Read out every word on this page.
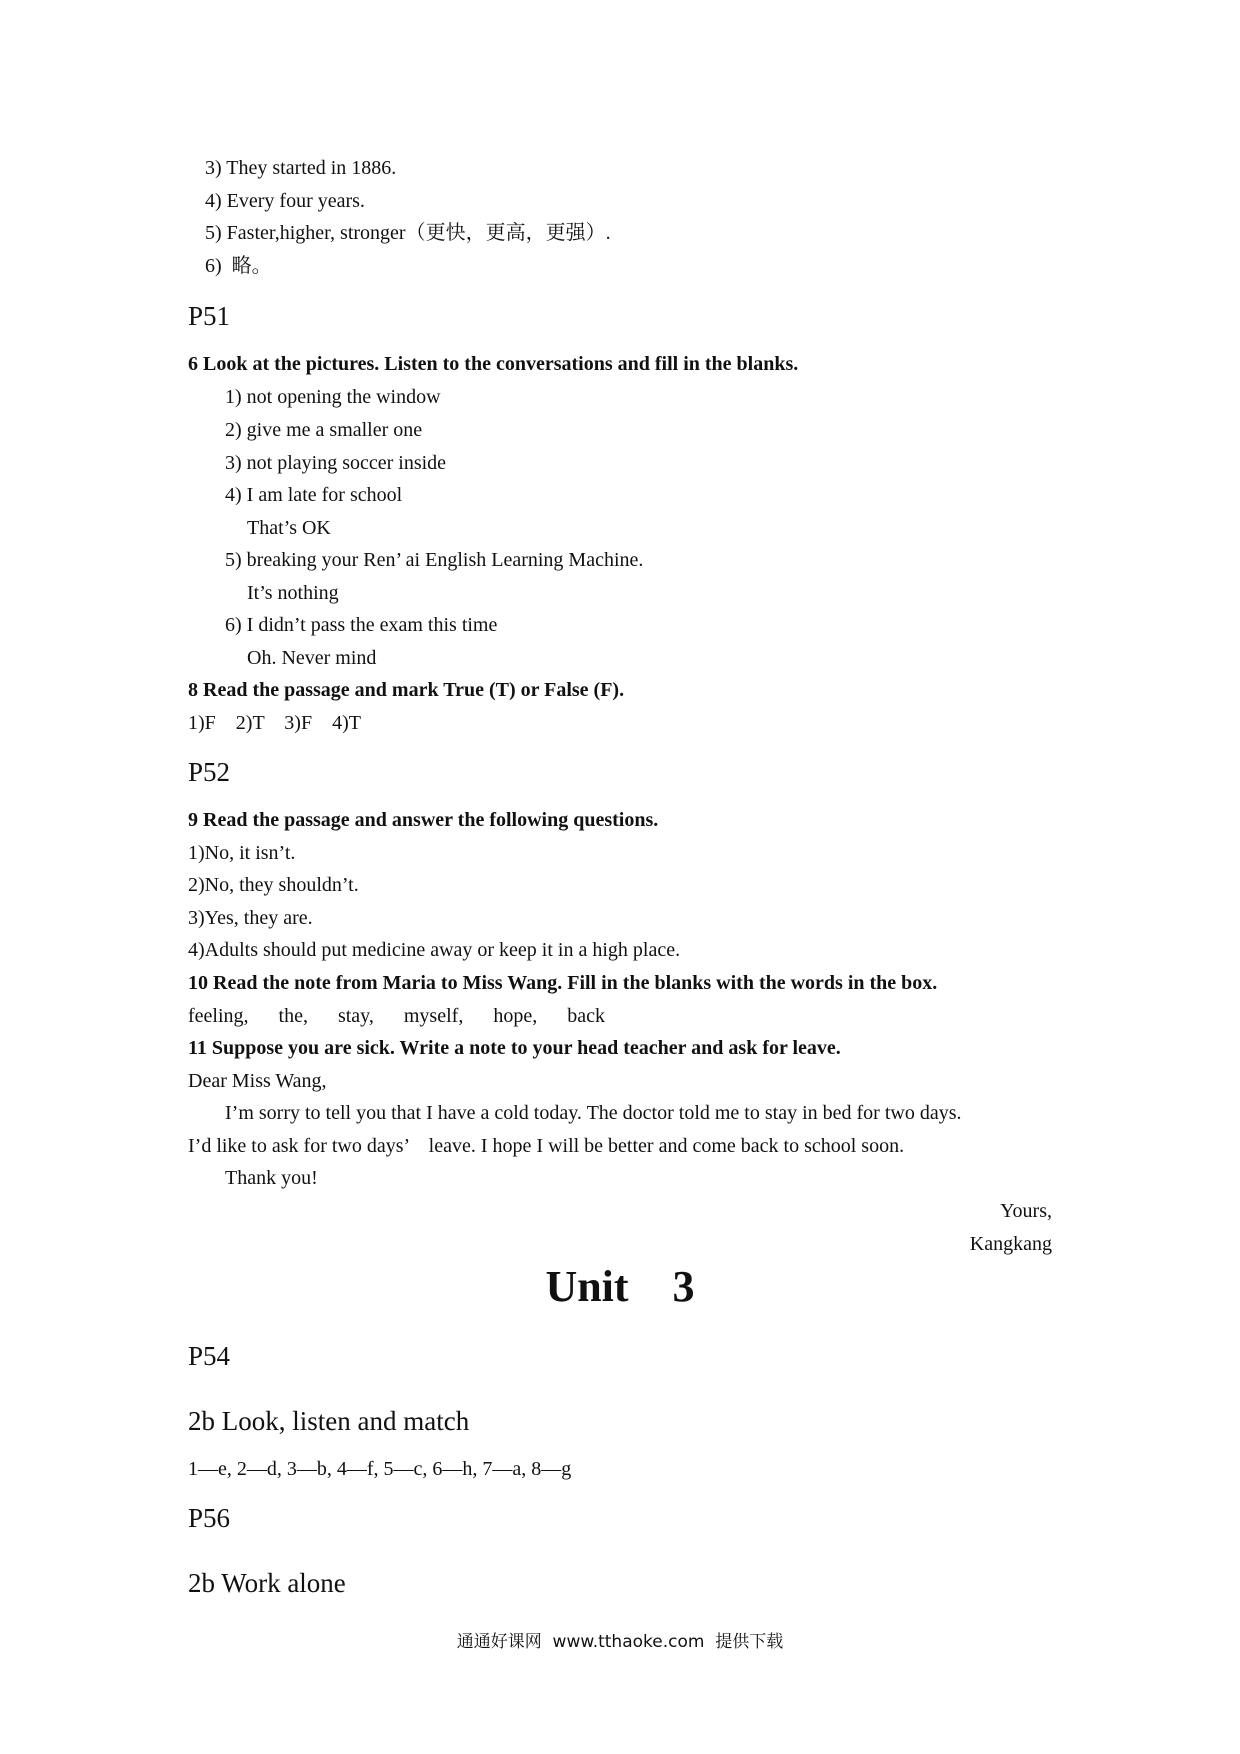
3) They started in 1886.
4) Every four years.
5) Faster,higher, stronger（更快，更高，更强）.
6)  略。
P51
6 Look at the pictures. Listen to the conversations and fill in the blanks.
1) not opening the window
2) give me a smaller one
3) not playing soccer inside
4) I am late for school
That’s OK
5) breaking your Ren’ ai English Learning Machine.
It’s nothing
6) I didn’t pass the exam this time
Oh. Never mind
8 Read the passage and mark True (T) or False (F).
1)F    2)T    3)F    4)T
P52
9 Read the passage and answer the following questions.
1)No, it isn’t.
2)No, they shouldn’t.
3)Yes, they are.
4)Adults should put medicine away or keep it in a high place.
10 Read the note from Maria to Miss Wang. Fill in the blanks with the words in the box.
feeling,      the,      stay,      myself,      hope,      back
11 Suppose you are sick. Write a note to your head teacher and ask for leave.
Dear Miss Wang,
I’m sorry to tell you that I have a cold today. The doctor told me to stay in bed for two days.
I’d like to ask for two days’    leave. I hope I will be better and come back to school soon.
Thank you!
Yours,
Kangkang
Unit    3
P54
2b Look, listen and match
1—e, 2—d, 3—b, 4—f, 5—c, 6—h, 7—a, 8—g
P56
2b Work alone
通通好课网  www.tthaoke.com  提供下载
